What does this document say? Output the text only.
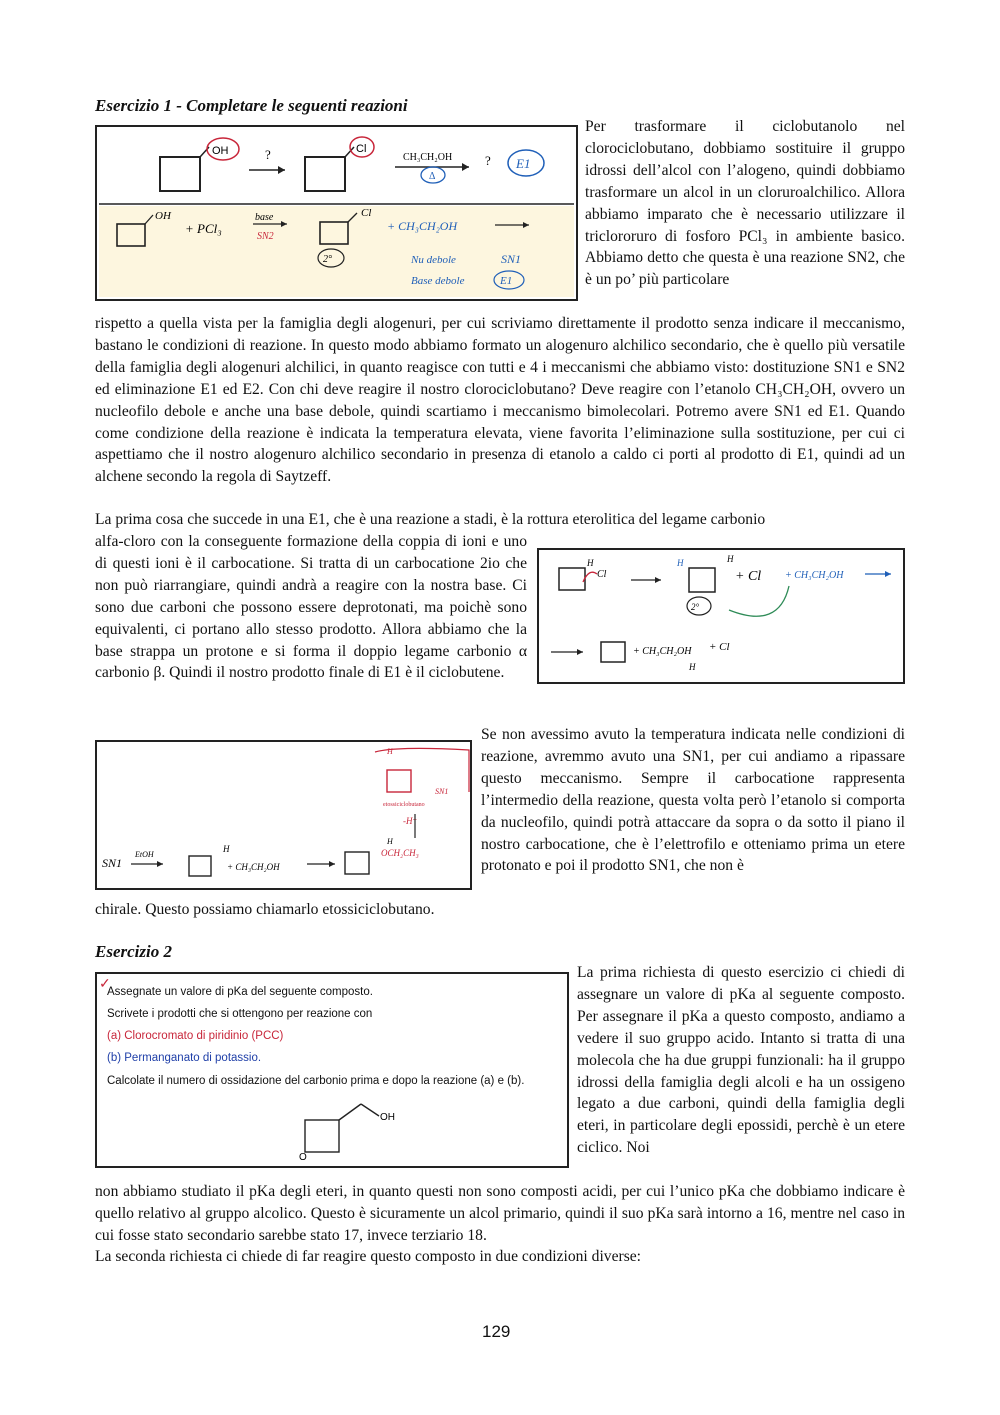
Esercizio 1 - Completare le seguenti reazioni
OH	?	Cl
CH₃CH₂OH
Δ
? E1
OH
+ PCl₃
base
SN2
Cl
+ CH₃CH₂OH
2°	Nu debole	SN1
Base debole	E1

Per trasformare il ciclobutanolo nel clorociclobutano, dobbiamo sostituire il gruppo idrossi dell’alcol con l’alogeno, quindi dobbiamo trasformare un alcol in un cloruroalchilico. Allora abbiamo imparato che è necessario utilizzare il triclororuro di fosforo PCl₃ in ambiente basico. Abbiamo detto che questa è una reazione SN2, che è un po’ più particolare

rispetto a quella vista per la famiglia degli alogenuri, per cui scriviamo direttamente il prodotto senza indicare il meccanismo, bastano le condizioni di reazione. In questo modo abbiamo formato un alogenuro alchilico secondario, che è quello più versatile della famiglia degli alogenuri alchilici, in quanto reagisce con tutti e 4 i meccanismi che abbiamo visto: dostituzione SN1 e SN2 ed eliminazione E1 ed E2. Con chi deve reagire il nostro clorociclobutano? Deve reagire con l’etanolo CH₃CH₂OH, ovvero un nucleofilo debole e anche una base debole, quindi scartiamo i meccanismo bimolecolari. Potremo avere SN1 ed E1. Quando come condizione della reazione è indicata la temperatura elevata, viene favorita l’eliminazione sulla sostituzione, per cui ci aspettiamo che il nostro alogenuro alchilico secondario in presenza di etanolo a caldo ci porti al prodotto di E1, quindi ad un alchene secondo la regola di Saytzeff.

La prima cosa che succede in una E1, che è una reazione a stadi, è la rottura eterolitica del legame carbonio

alfa-cloro con la conseguente formazione della coppia di ioni e uno di questi ioni è il carbocatione. Si tratta di un carbocatione 2io che non può riarrangiare, quindi andrà a reagire con la nostra base. Ci sono due carboni che possono essere deprotonati, ma poichè sono equivalenti, ci portano allo stesso prodotto. Allora abbiamo che la base strappa un protone e si forma il doppio legame carbonio α carbonio β. Quindi il nostro prodotto finale di E1 è il ciclobutene.

H
Cl
H	H
+ Cl + CH₃CH₂OH
2°
+ CH₃CH₂OH + Cl
H
SN1
EtOH
H
+ CH₃CH₂OH
OCH₂CH₃
H
SN1
etossiciclobutano
-H⁺
H

Se non avessimo avuto la temperatura indicata nelle condizioni di reazione, avremmo avuto una SN1, per cui andiamo a ripassare questo meccanismo. Sempre il carbocatione rappresenta l’intermedio della reazione, questa volta però l’etanolo si comporta da nucleofilo, quindi potrà attaccare da sopra o da sotto il piano il nostro carbocatione, che è l’elettrofilo e otteniamo prima un etere protonato e poi il prodotto SN1, che non è

chirale. Questo possiamo chiamarlo etossiciclobutano.

Esercizio 2
✓
Assegnate un valore di pKa del seguente composto.
Scrivete i prodotti che si ottengono per reazione con
(a) Clorocromato di piridinio (PCC)
(b) Permanganato di potassio.
Calcolate il numero di ossidazione del carbonio prima e dopo la reazione (a) e (b).
OH
O

La prima richiesta di questo esercizio ci chiedi di assegnare un valore di pKa al seguente composto. Per assegnare il pKa a questo composto, andiamo a vedere il suo gruppo acido. Intanto si tratta di una molecola che ha due gruppi funzionali: ha il gruppo idrossi della famiglia degli alcoli e ha un ossigeno legato a due carboni, quindi della famiglia degli eteri, in particolare degli epossidi, perchè è un etere ciclico. Noi

non abbiamo studiato il pKa degli eteri, in quanto questi non sono composti acidi, per cui l’unico pKa che dobbiamo indicare è quello relativo al gruppo alcolico. Questo è sicuramente un alcol primario, quindi il suo pKa sarà intorno a 16, mentre nel caso in cui fosse stato secondario sarebbe stato 17, invece terziario 18.

La seconda richiesta ci chiede di far reagire questo composto in due condizioni diverse:

129
